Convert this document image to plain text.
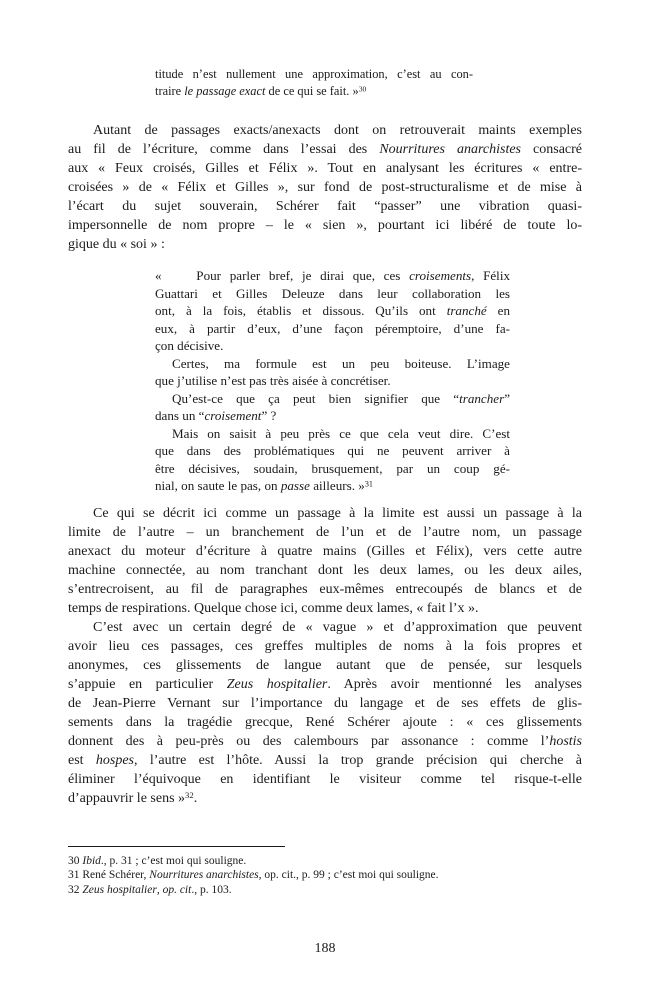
titude n’est nullement une approximation, c’est au con-
traire le passage exact de ce qui se fait. »$^{30}$
Autant de passages exacts/anexacts dont on retrouverait maints exemples
au fil de l’écriture, comme dans l’essai des Nourritures anarchistes consacré
aux « Feux croisés, Gilles et Félix ». Tout en analysant les écritures « entre-
croisées » de « Félix et Gilles », sur fond de post-structuralisme et de mise à
l’écart du sujet souverain, Schérer fait “passer” une vibration quasi-
impersonnelle de nom propre – le « sien », pourtant ici libéré de toute lo-
gique du « soi » :
«    Pour parler bref, je dirai que, ces croisements, Félix
Guattari et Gilles Deleuze dans leur collaboration les
ont, à la fois, établis et dissous. Qu’ils ont tranché en
eux, à partir d’eux, d’une façon péremptoire, d’une fa-
çon décisive.
Certes, ma formule est un peu boiteuse. L’image
que j’utilise n’est pas très aisée à concrétiser.
Qu’est-ce que ça peut bien signifier que “trancher”
dans un “croisement” ?
Mais on saisit à peu près ce que cela veut dire. C’est
que dans des problématiques qui ne peuvent arriver à
être décisives, soudain, brusquement, par un coup gé-
nial, on saute le pas, on passe ailleurs. »$^{31}$
Ce qui se décrit ici comme un passage à la limite est aussi un passage à la
limite de l’autre – un branchement de l’un et de l’autre nom, un passage
anexact du moteur d’écriture à quatre mains (Gilles et Félix), vers cette autre
machine connectée, au nom tranchant dont les deux lames, ou les deux ailes,
s’entrecroisent, au fil de paragraphes eux-mêmes entrecoupés de blancs et de
temps de respirations. Quelque chose ici, comme deux lames, « fait l’x ».
C’est avec un certain degré de « vague » et d’approximation que peuvent
avoir lieu ces passages, ces greffes multiples de noms à la fois propres et
anonymes, ces glissements de langue autant que de pensée, sur lesquels
s’appuie en particulier Zeus hospitalier. Après avoir mentionné les analyses
de Jean-Pierre Vernant sur l’importance du langage et de ses effets de glis-
sements dans la tragédie grecque, René Schérer ajoute : « ces glissements
donnent des à peu-près ou des calembours par assonance : comme l’hostis
est hospes, l’autre est l’hôte. Aussi la trop grande précision qui cherche à
éliminer l’équivoque en identifiant le visiteur comme tel risque-t-elle
d’appauvrir le sens »$^{32}$.
30 Ibid., p. 31 ; c’est moi qui souligne.
31 René Schérer, Nourritures anarchistes, op. cit., p. 99 ; c’est moi qui souligne.
32 Zeus hospitalier, op. cit., p. 103.
188
